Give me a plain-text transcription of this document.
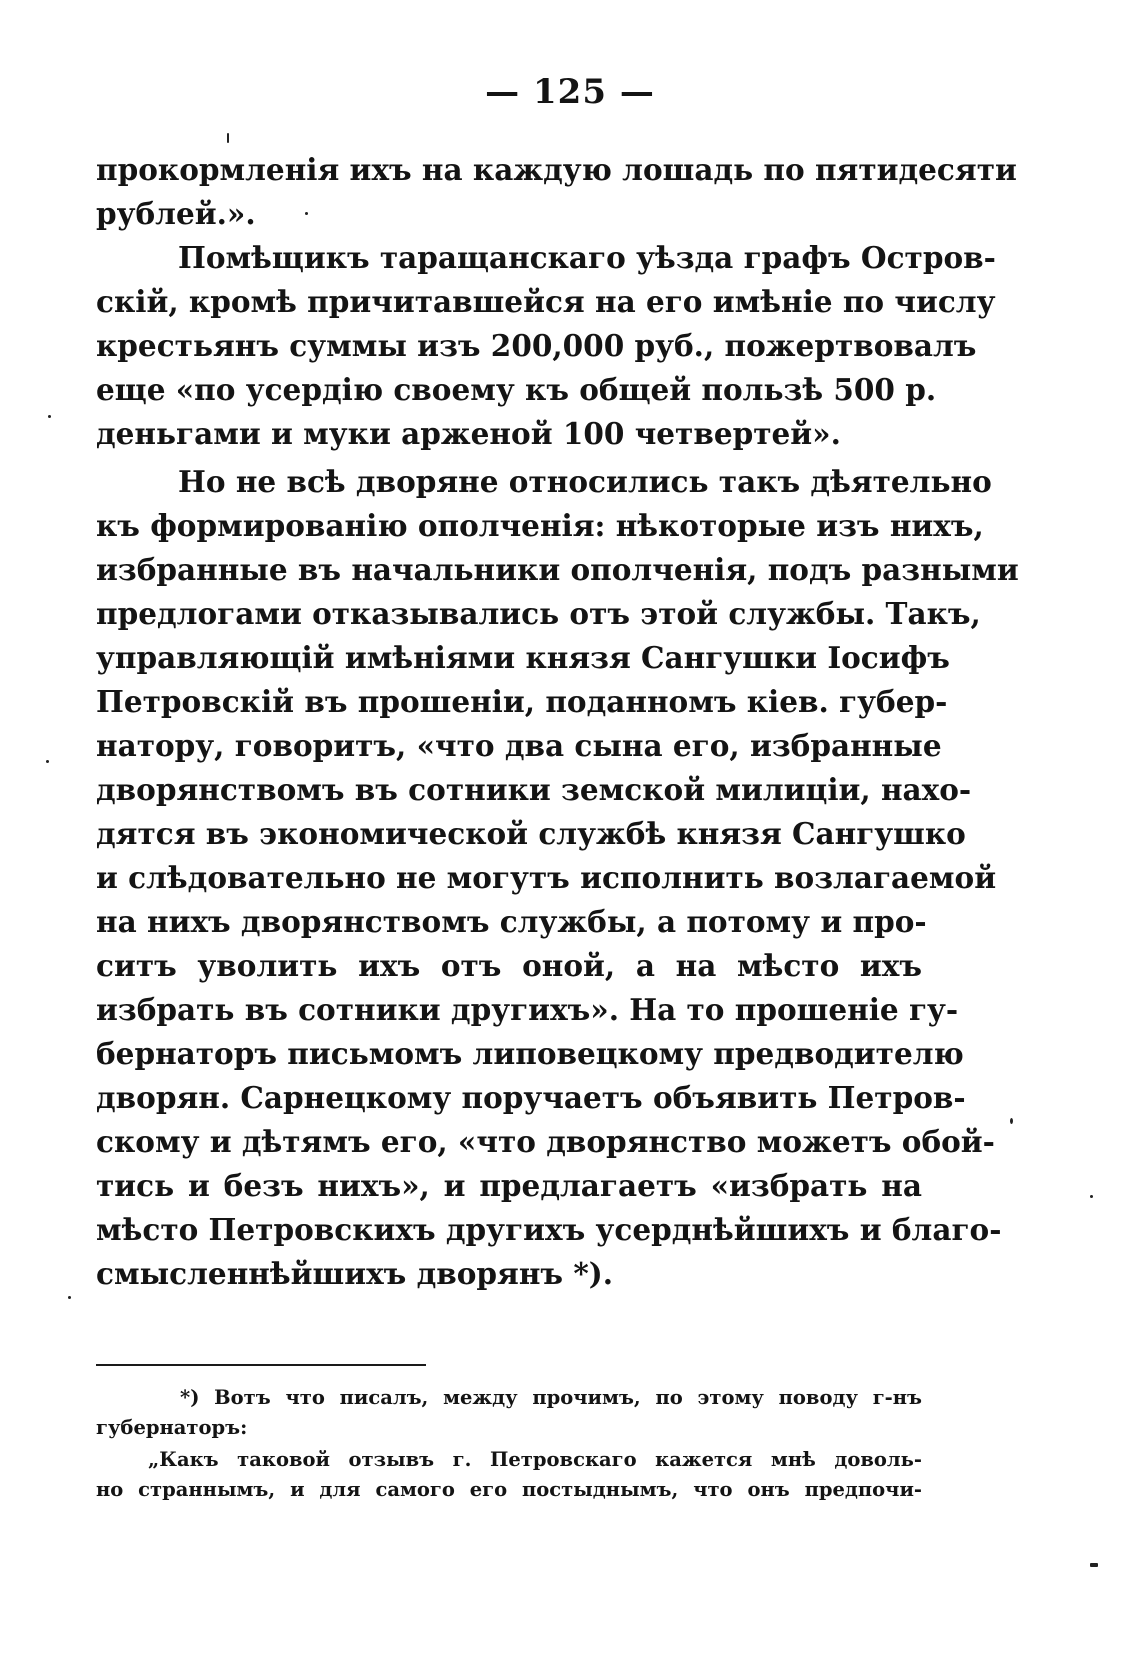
— 125 —
прокормленія ихъ на каждую лошадь по пятидесяти
рублей.».
Помѣщикъ таращанскаго уѣзда графъ Остров-
скій, кромѣ причитавшейся на его имѣніе по числу
крестьянъ суммы изъ 200,000 руб., пожертвовалъ
еще «по усердію своему къ общей пользѣ 500 р.
деньгами и муки арженой 100 четвертей».
Но не всѣ дворяне относились такъ дѣятельно
къ формированію ополченія: нѣкоторые изъ нихъ,
избранные въ начальники ополченія, подъ разными
предлогами отказывались отъ этой службы. Такъ,
управляющій имѣніями князя Сангушки Іосифъ
Петровскій въ прошеніи, поданномъ кіев. губер-
натору, говоритъ, «что два сына его, избранные
дворянствомъ въ сотники земской милиціи, нахо-
дятся въ экономической службѣ князя Сангушко
и слѣдовательно не могутъ исполнить возлагаемой
на нихъ дворянствомъ службы, а потому и про-
ситъ уволить ихъ отъ оной, а на мѣсто ихъ
избрать въ сотники другихъ». На то прошеніе гу-
бернаторъ письмомъ липовецкому предводителю
дворян. Сарнецкому поручаетъ объявить Петров-
скому и дѣтямъ его, «что дворянство можетъ обой-
тись и безъ нихъ», и предлагаетъ «избрать на
мѣсто Петровскихъ другихъ усерднѣйшихъ и благо-
смысленнѣйшихъ дворянъ *).
*) Вотъ что писалъ, между прочимъ, по этому поводу г-нъ
губернаторъ:
„Какъ таковой отзывъ г. Петровскаго кажется мнѣ доволь-
но страннымъ, и для самого его постыднымъ, что онъ предпочи-
